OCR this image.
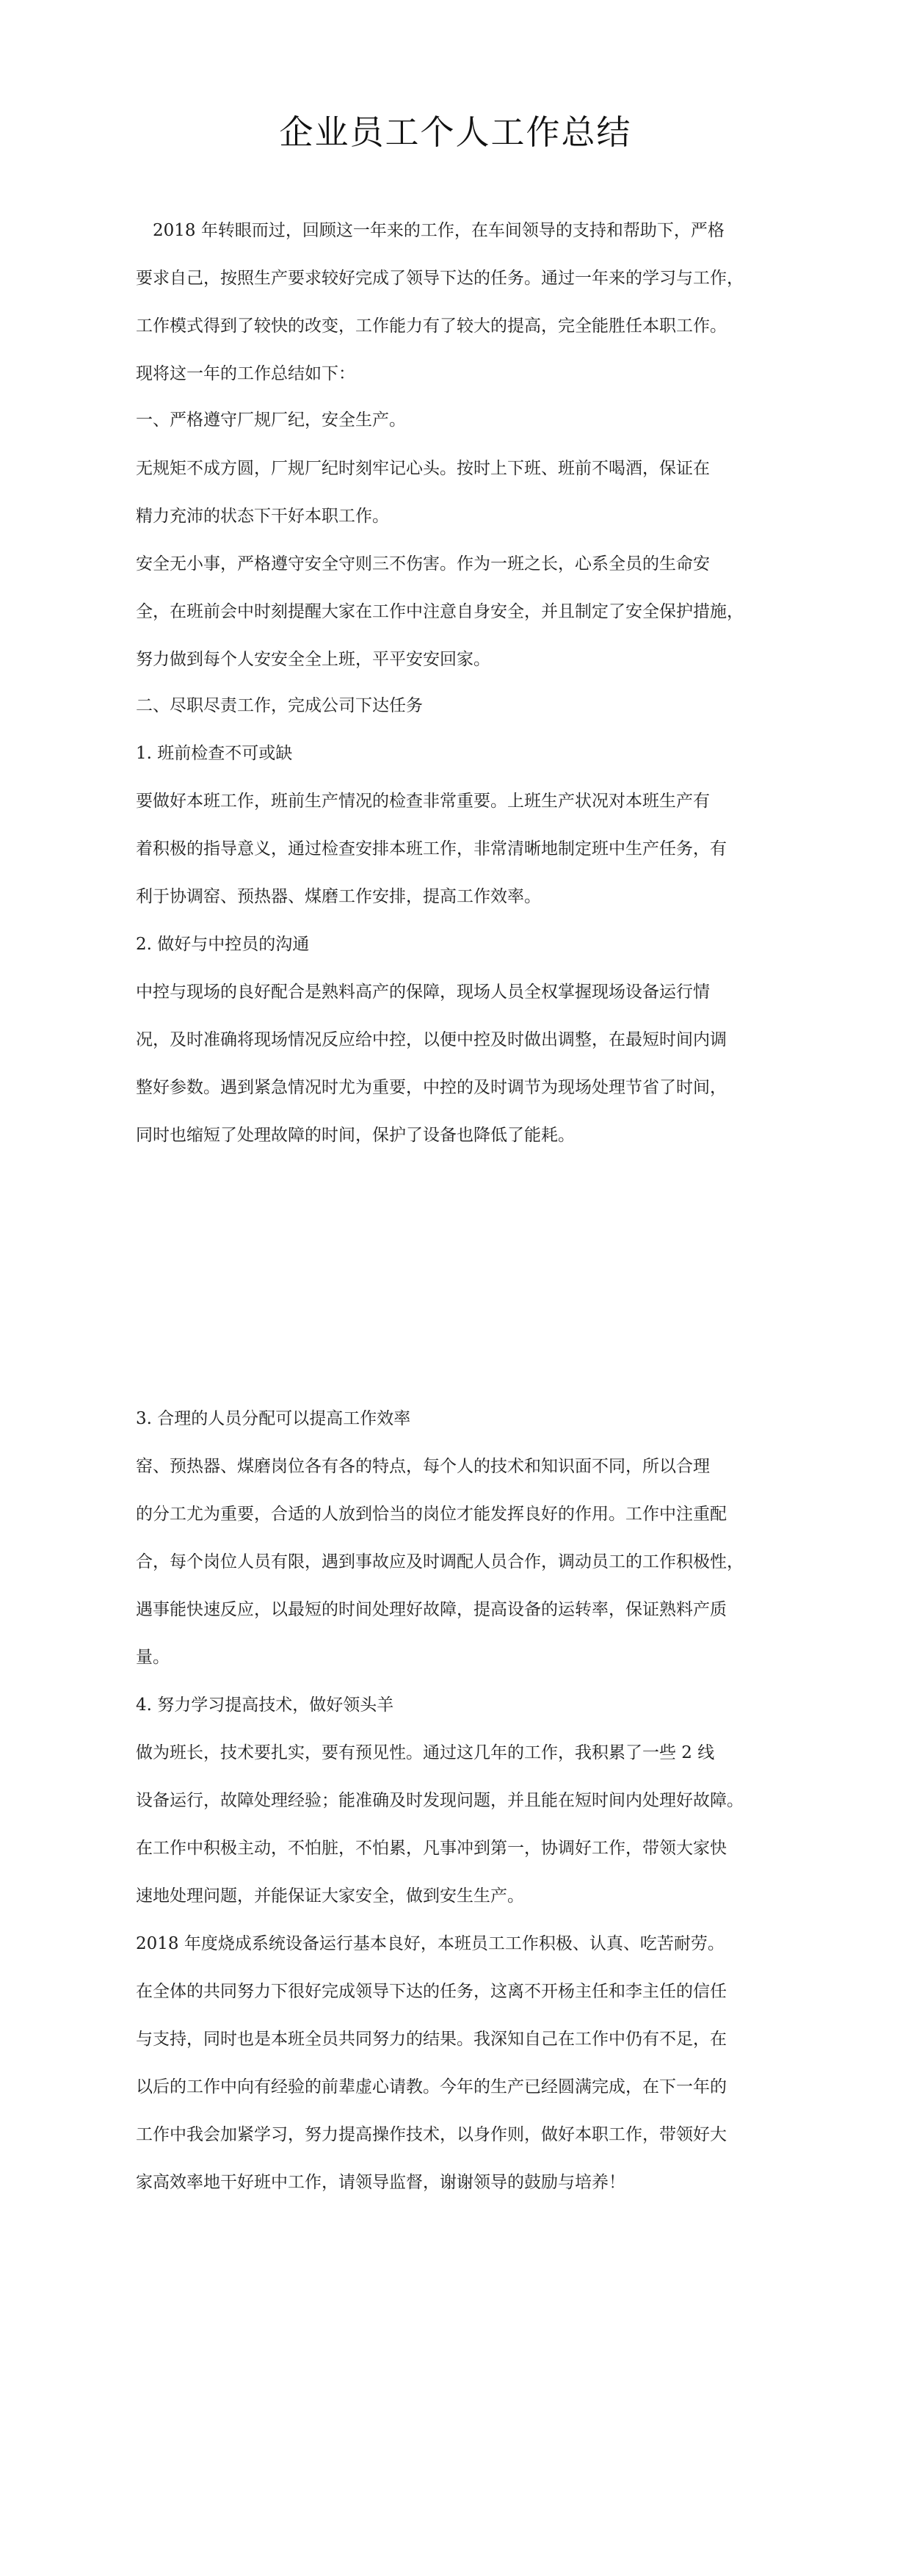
企业员工个人工作总结
　2018 年转眼而过，回顾这一年来的工作，在车间领导的支持和帮助下，严格
要求自己，按照生产要求较好完成了领导下达的任务。通过一年来的学习与工作，
工作模式得到了较快的改变，工作能力有了较大的提高，完全能胜任本职工作。
现将这一年的工作总结如下：
一、严格遵守厂规厂纪，安全生产。
无规矩不成方圆，厂规厂纪时刻牢记心头。按时上下班、班前不喝酒，保证在
精力充沛的状态下干好本职工作。
安全无小事，严格遵守安全守则三不伤害。作为一班之长，心系全员的生命安
全，在班前会中时刻提醒大家在工作中注意自身安全，并且制定了安全保护措施，
努力做到每个人安安全全上班，平平安安回家。
二、尽职尽责工作，完成公司下达任务
1. 班前检查不可或缺
要做好本班工作，班前生产情况的检查非常重要。上班生产状况对本班生产有
着积极的指导意义，通过检查安排本班工作，非常清晰地制定班中生产任务，有
利于协调窑、预热器、煤磨工作安排，提高工作效率。
2. 做好与中控员的沟通
中控与现场的良好配合是熟料高产的保障，现场人员全权掌握现场设备运行情
况，及时准确将现场情况反应给中控，以便中控及时做出调整，在最短时间内调
整好参数。遇到紧急情况时尤为重要，中控的及时调节为现场处理节省了时间，
同时也缩短了处理故障的时间，保护了设备也降低了能耗。
3. 合理的人员分配可以提高工作效率
窑、预热器、煤磨岗位各有各的特点，每个人的技术和知识面不同，所以合理
的分工尤为重要，合适的人放到恰当的岗位才能发挥良好的作用。工作中注重配
合，每个岗位人员有限，遇到事故应及时调配人员合作，调动员工的工作积极性，
遇事能快速反应，以最短的时间处理好故障，提高设备的运转率，保证熟料产质
量。
4. 努力学习提高技术，做好领头羊
做为班长，技术要扎实，要有预见性。通过这几年的工作，我积累了一些 2 线
设备运行，故障处理经验；能准确及时发现问题，并且能在短时间内处理好故障。
在工作中积极主动，不怕脏，不怕累，凡事冲到第一，协调好工作，带领大家快
速地处理问题，并能保证大家安全，做到安生生产。
2018 年度烧成系统设备运行基本良好，本班员工工作积极、认真、吃苦耐劳。
在全体的共同努力下很好完成领导下达的任务，这离不开杨主任和李主任的信任
与支持，同时也是本班全员共同努力的结果。我深知自己在工作中仍有不足，在
以后的工作中向有经验的前辈虚心请教。今年的生产已经圆满完成，在下一年的
工作中我会加紧学习，努力提高操作技术，以身作则，做好本职工作，带领好大
家高效率地干好班中工作，请领导监督，谢谢领导的鼓励与培养！
